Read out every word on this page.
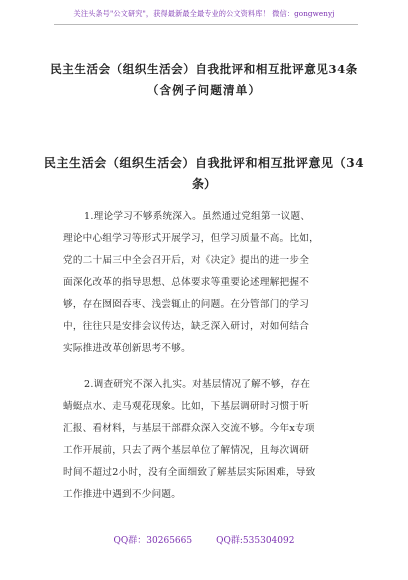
关注头条号"公文研究"，获得最新最全最专业的公文资料库！ 微信：gongwenyj
民主生活会（组织生活会）自我批评和相互批评意见34条
（含例子问题清单）
民主生活会（组织生活会）自我批评和相互批评意见（34
条）
1.理论学习不够系统深入。虽然通过党组第一议题、
理论中心组学习等形式开展学习，但学习质量不高。比如，
党的二十届三中全会召开后，对《决定》提出的进一步全
面深化改革的指导思想、总体要求等重要论述理解把握不
够，存在囫囵吞枣、浅尝辄止的问题。在分管部门的学习
中，往往只是安排会议传达，缺乏深入研讨，对如何结合
实际推进改革创新思考不够。
2.调查研究不深入扎实。对基层情况了解不够，存在
蜻蜓点水、走马观花现象。比如，下基层调研时习惯于听
汇报、看材料，与基层干部群众深入交流不够。今年x专项
工作开展前，只去了两个基层单位了解情况，且每次调研
时间不超过2小时，没有全面细致了解基层实际困难，导致
工作推进中遇到不少问题。
QQ群：30265665	QQ群:535304092
